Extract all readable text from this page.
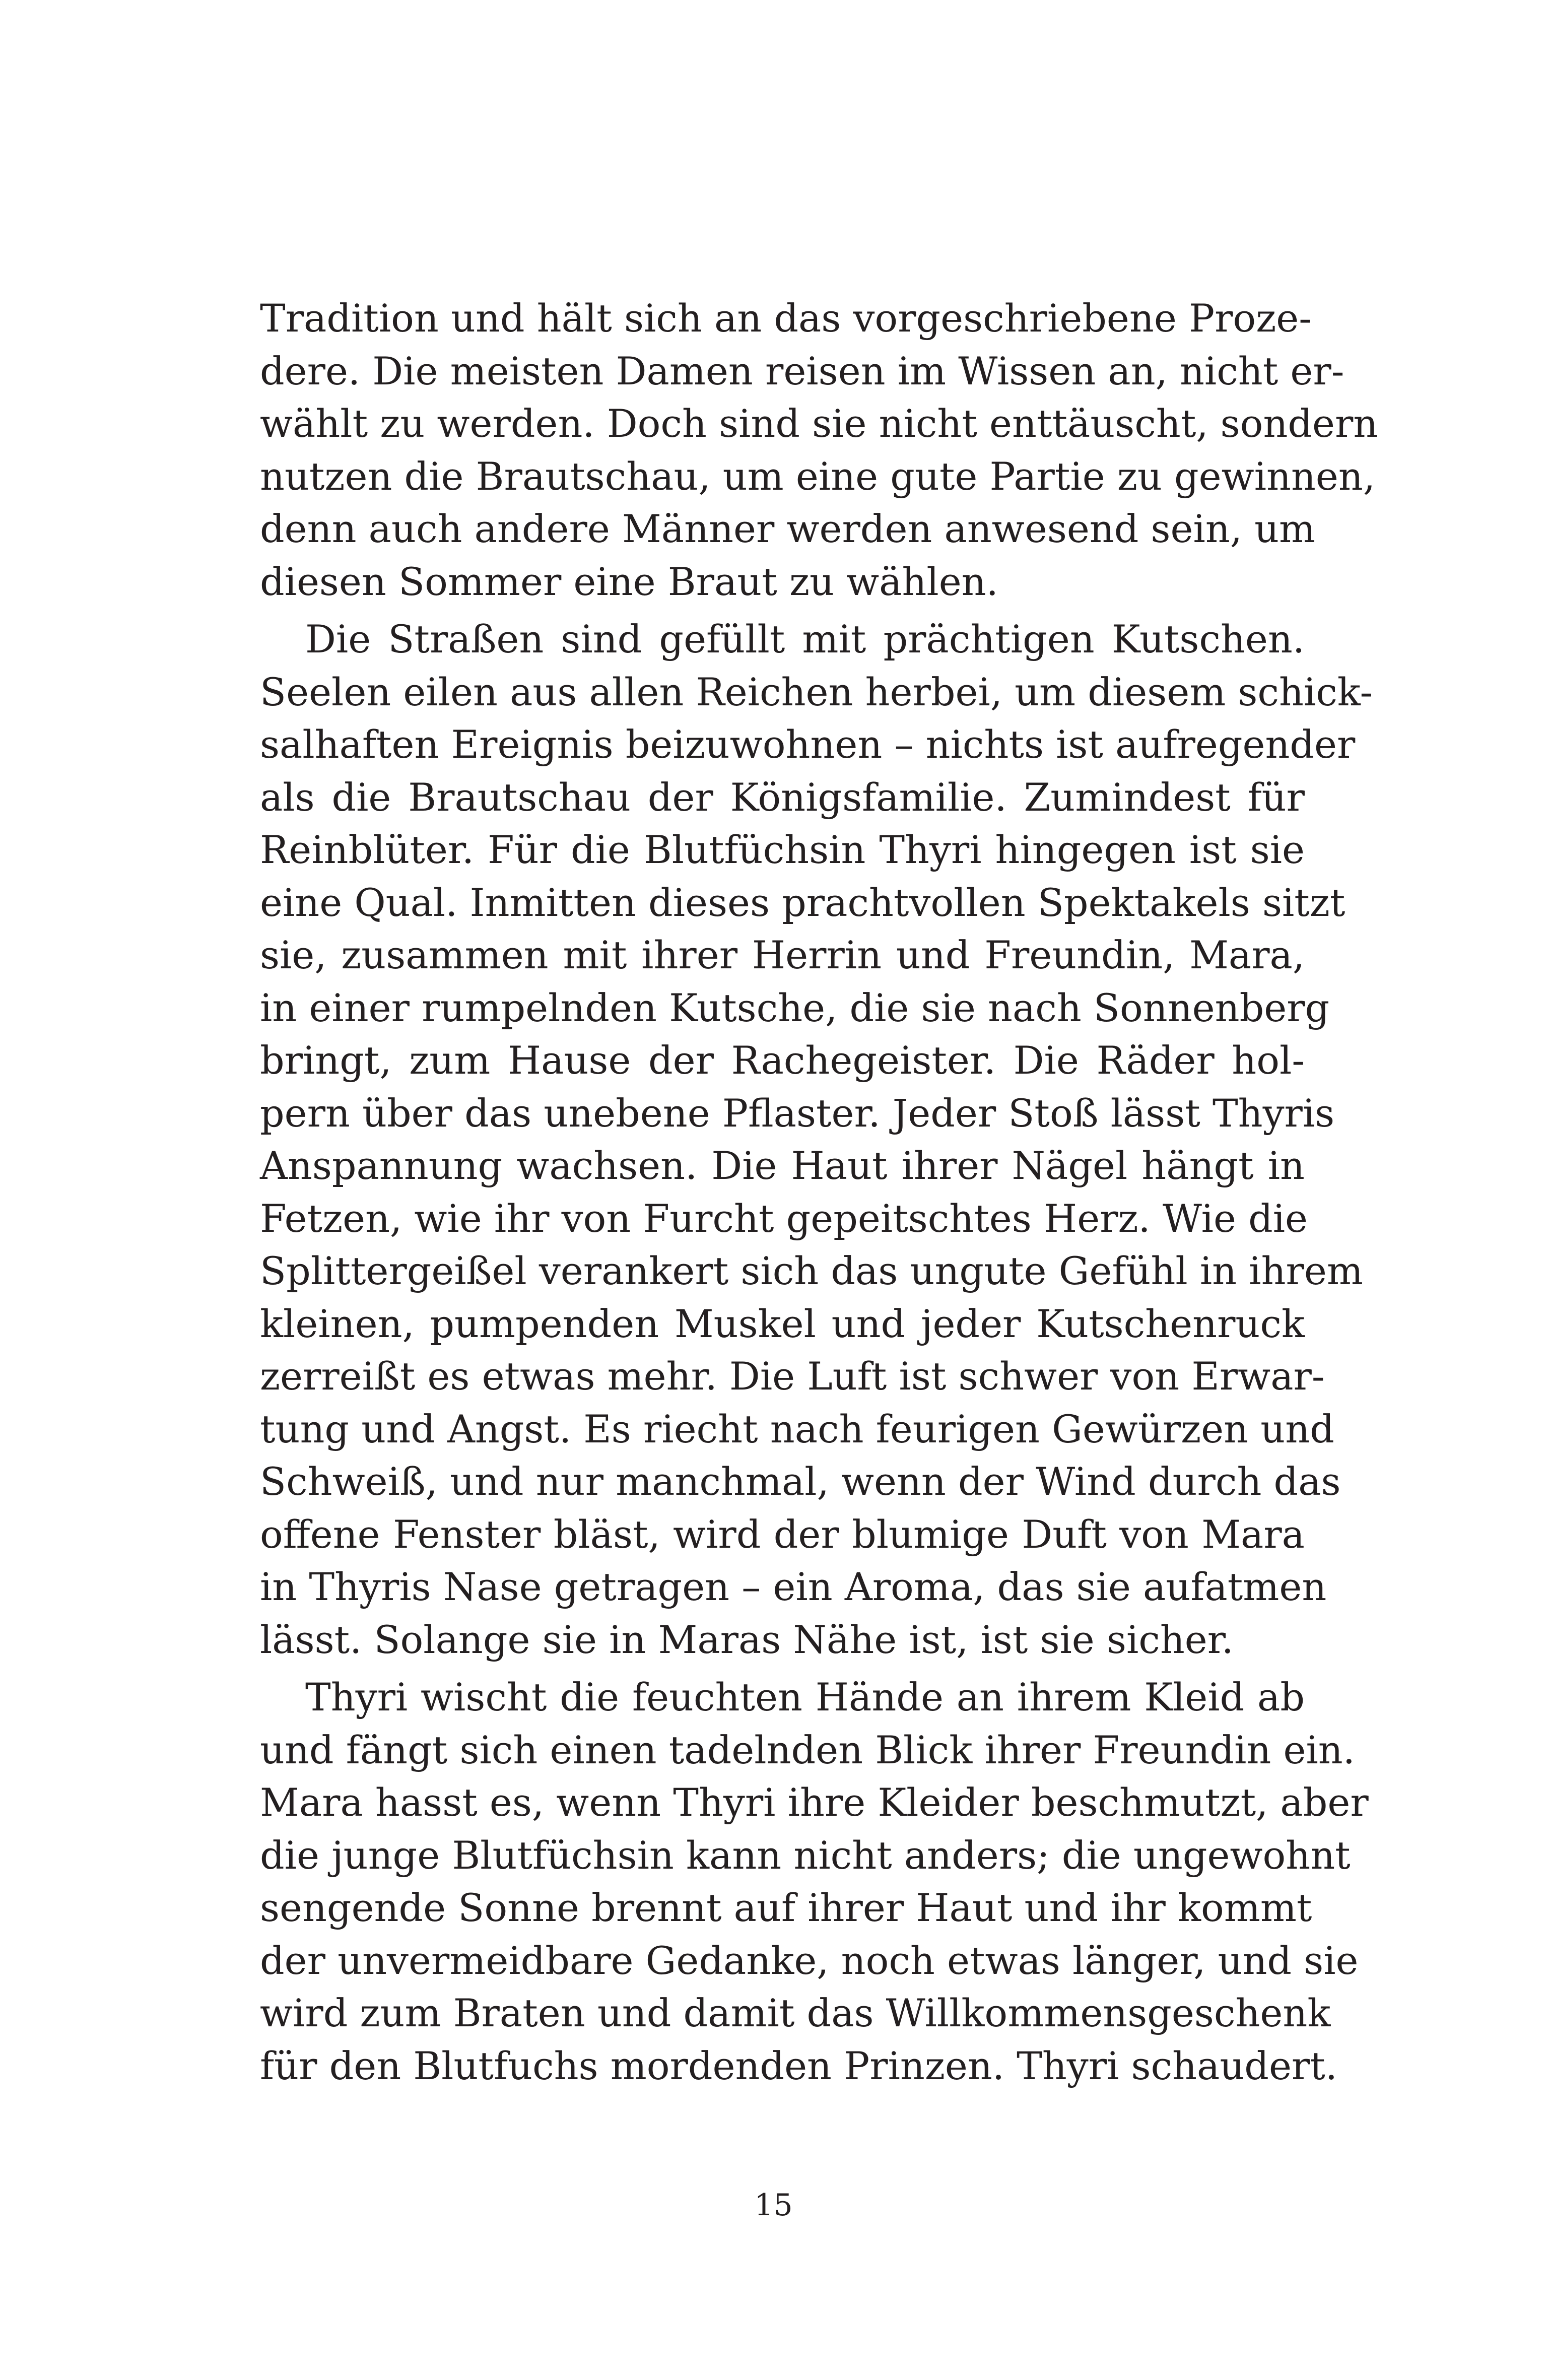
Tradition und hält sich an das vorgeschriebene Proze-
dere. Die meisten Damen reisen im Wissen an, nicht er-
wählt zu werden. Doch sind sie nicht enttäuscht, sondern
nutzen die Brautschau, um eine gute Partie zu gewinnen,
denn auch andere Männer werden anwesend sein, um
diesen Sommer eine Braut zu wählen.
Die Straßen sind gefüllt mit prächtigen Kutschen.
Seelen eilen aus allen Reichen herbei, um diesem schick-
salhaften Ereignis beizuwohnen – nichts ist aufregender
als die Brautschau der Königsfamilie. Zumindest für
Reinblüter. Für die Blutfüchsin Thyri hingegen ist sie
eine Qual. Inmitten dieses prachtvollen Spektakels sitzt
sie, zusammen mit ihrer Herrin und Freundin, Mara,
in einer rumpelnden Kutsche, die sie nach Sonnenberg
bringt, zum Hause der Rachegeister. Die Räder hol-
pern über das unebene Pflaster. Jeder Stoß lässt Thyris
Anspannung wachsen. Die Haut ihrer Nägel hängt in
Fetzen, wie ihr von Furcht gepeitschtes Herz. Wie die
Splittergeißel verankert sich das ungute Gefühl in ihrem
kleinen, pumpenden Muskel und jeder Kutschenruck
zerreißt es etwas mehr. Die Luft ist schwer von Erwar-
tung und Angst. Es riecht nach feurigen Gewürzen und
Schweiß, und nur manchmal, wenn der Wind durch das
offene Fenster bläst, wird der blumige Duft von Mara
in Thyris Nase getragen – ein Aroma, das sie aufatmen
lässt. Solange sie in Maras Nähe ist, ist sie sicher.
Thyri wischt die feuchten Hände an ihrem Kleid ab
und fängt sich einen tadelnden Blick ihrer Freundin ein.
Mara hasst es, wenn Thyri ihre Kleider beschmutzt, aber
die junge Blutfüchsin kann nicht anders; die ungewohnt
sengende Sonne brennt auf ihrer Haut und ihr kommt
der unvermeidbare Gedanke, noch etwas länger, und sie
wird zum Braten und damit das Willkommensgeschenk
für den Blutfuchs mordenden Prinzen. Thyri schaudert.
15
